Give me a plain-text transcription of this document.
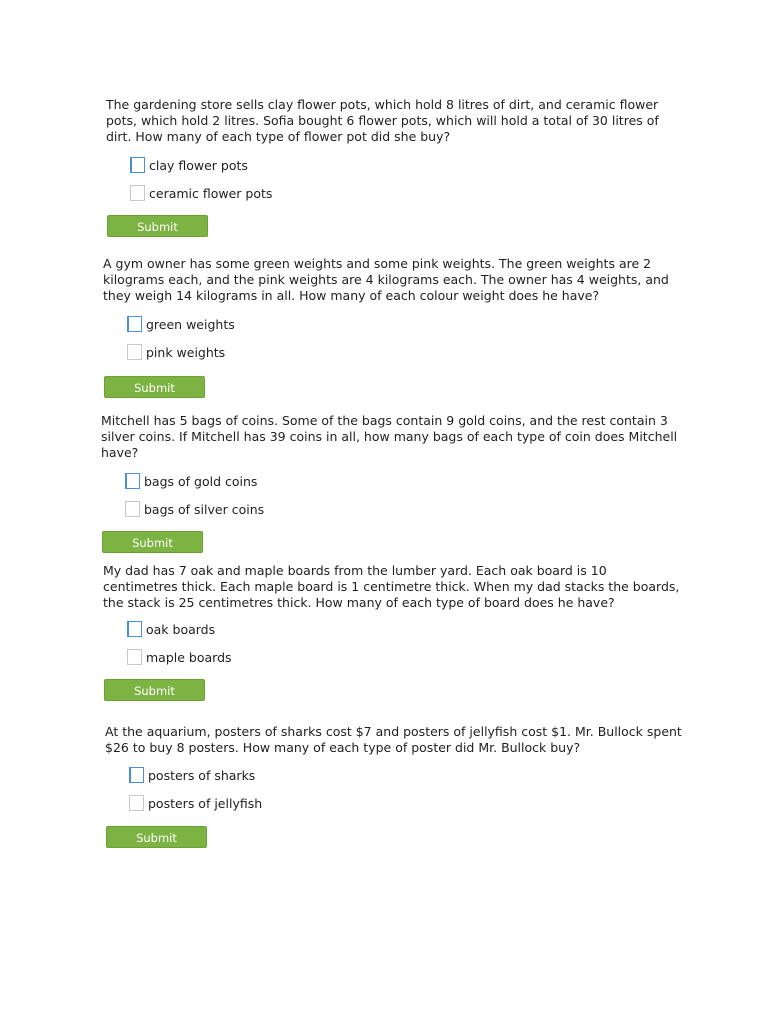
The gardening store sells clay flower pots, which hold 8 litres of dirt, and ceramic flower pots, which hold 2 litres. Sofia bought 6 flower pots, which will hold a total of 30 litres of dirt. How many of each type of flower pot did she buy?

clay flower pots
ceramic flower pots
Submit

A gym owner has some green weights and some pink weights. The green weights are 2 kilograms each, and the pink weights are 4 kilograms each. The owner has 4 weights, and they weigh 14 kilograms in all. How many of each colour weight does he have?

green weights
pink weights
Submit

Mitchell has 5 bags of coins. Some of the bags contain 9 gold coins, and the rest contain 3 silver coins. If Mitchell has 39 coins in all, how many bags of each type of coin does Mitchell have?

bags of gold coins
bags of silver coins
Submit

My dad has 7 oak and maple boards from the lumber yard. Each oak board is 10 centimetres thick. Each maple board is 1 centimetre thick. When my dad stacks the boards, the stack is 25 centimetres thick. How many of each type of board does he have?

oak boards
maple boards
Submit

At the aquarium, posters of sharks cost $7 and posters of jellyfish cost $1. Mr. Bullock spent $26 to buy 8 posters. How many of each type of poster did Mr. Bullock buy?

posters of sharks
posters of jellyfish
Submit
